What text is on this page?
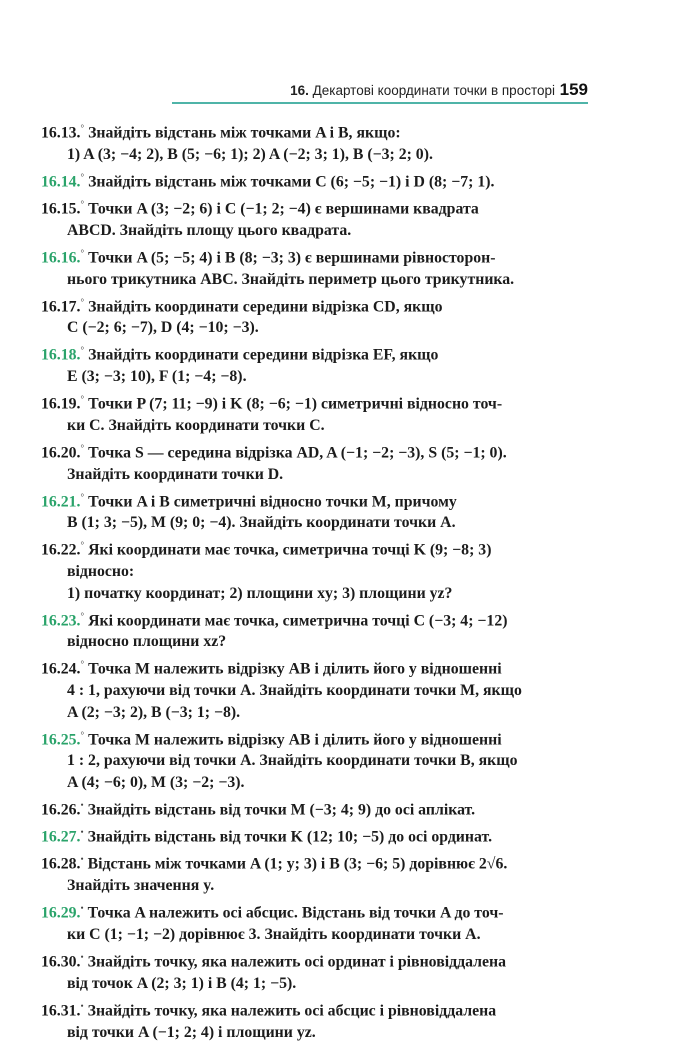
16. Декартові координати точки в просторі 159
16.13.° Знайдіть відстань між точками A і B, якщо:
1) A (3; −4; 2), B (5; −6; 1); 2) A (−2; 3; 1), B (−3; 2; 0).
16.14.° Знайдіть відстань між точками C (6; −5; −1) і D (8; −7; 1).
16.15.° Точки A (3; −2; 6) і C (−1; 2; −4) є вершинами квадрата
ABCD. Знайдіть площу цього квадрата.
16.16.° Точки A (5; −5; 4) і B (8; −3; 3) є вершинами рівносторон-
нього трикутника ABC. Знайдіть периметр цього трикутника.
16.17.° Знайдіть координати середини відрізка CD, якщо
C (−2; 6; −7), D (4; −10; −3).
16.18.° Знайдіть координати середини відрізка EF, якщо
E (3; −3; 10), F (1; −4; −8).
16.19.° Точки P (7; 11; −9) і K (8; −6; −1) симетричні відносно точ-
ки C. Знайдіть координати точки C.
16.20.° Точка S — середина відрізка AD, A (−1; −2; −3), S (5; −1; 0).
Знайдіть координати точки D.
16.21.° Точки A і B симетричні відносно точки M, причому
B (1; 3; −5), M (9; 0; −4). Знайдіть координати точки A.
16.22.° Які координати має точка, симетрична точці K (9; −8; 3)
відносно:
1) початку координат; 2) площини xy; 3) площини yz?
16.23.° Які координати має точка, симетрична точці C (−3; 4; −12)
відносно площини xz?
16.24.° Точка M належить відрізку AB і ділить його у відношенні
4 : 1, рахуючи від точки A. Знайдіть координати точки M, якщо
A (2; −3; 2), B (−3; 1; −8).
16.25.° Точка M належить відрізку AB і ділить його у відношенні
1 : 2, рахуючи від точки A. Знайдіть координати точки B, якщо
A (4; −6; 0), M (3; −2; −3).
16.26.• Знайдіть відстань від точки M (−3; 4; 9) до осі аплікат.
16.27.• Знайдіть відстань від точки K (12; 10; −5) до осі ординат.
16.28.• Відстань між точками A (1; y; 3) і B (3; −6; 5) дорівнює 2√6.
Знайдіть значення y.
16.29.• Точка A належить осі абсцис. Відстань від точки A до точ-
ки C (1; −1; −2) дорівнює 3. Знайдіть координати точки A.
16.30.• Знайдіть точку, яка належить осі ординат і рівновіддалена
від точок A (2; 3; 1) і B (4; 1; −5).
16.31.• Знайдіть точку, яка належить осі абсцис і рівновіддалена
від точки A (−1; 2; 4) і площини yz.
